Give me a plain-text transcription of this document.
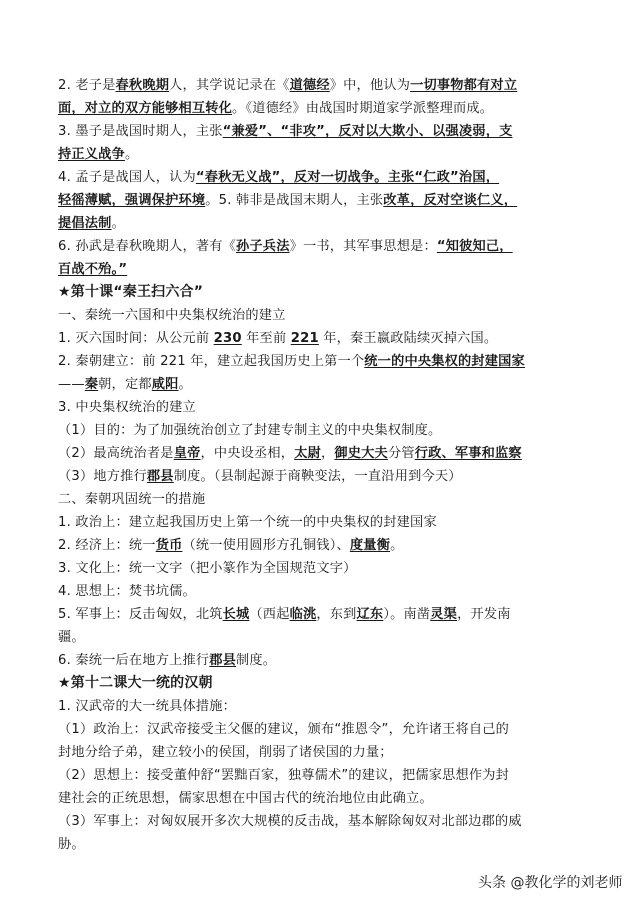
2. 老子是春秋晚期人，其学说记录在《道德经》中，他认为一切事物都有对立
面，对立的双方能够相互转化。《道德经》由战国时期道家学派整理而成。
3. 墨子是战国时期人，主张“兼爱”、“非攻”，反对以大欺小、以强凌弱，支
持正义战争。
4. 孟子是战国人，认为“春秋无义战”，反对一切战争。主张“仁政”治国，
轻徭薄赋，强调保护环境。5. 韩非是战国末期人，主张改革，反对空谈仁义，
提倡法制。
6. 孙武是春秋晚期人，著有《孙子兵法》一书，其军事思想是：“知彼知己，
百战不殆。”
★第十课“秦王扫六合”
一、秦统一六国和中央集权统治的建立
1. 灭六国时间：从公元前 230 年至前 221 年，秦王嬴政陆续灭掉六国。
2. 秦朝建立：前 221 年，建立起我国历史上第一个统一的中央集权的封建国家
——秦朝，定都咸阳。
3. 中央集权统治的建立
（1）目的：为了加强统治创立了封建专制主义的中央集权制度。
（2）最高统治者是皇帝，中央设丞相，太尉，御史大夫分管行政、军事和监察
（3）地方推行郡县制度。（县制起源于商鞅变法，一直沿用到今天）
二、秦朝巩固统一的措施
1. 政治上：建立起我国历史上第一个统一的中央集权的封建国家
2. 经济上：统一货币（统一使用圆形方孔铜钱）、度量衡。
3. 文化上：统一文字（把小篆作为全国规范文字）
4. 思想上：焚书坑儒。
5. 军事上：反击匈奴，北筑长城（西起临洮，东到辽东）。南凿灵渠，开发南
疆。
6. 秦统一后在地方上推行郡县制度。
★第十二课大一统的汉朝
1. 汉武帝的大一统具体措施：
（1）政治上：汉武帝接受主父偃的建议，颁布“推恩令”，允许诸王将自己的
封地分给子弟，建立较小的侯国，削弱了诸侯国的力量；
（2）思想上：接受董仲舒“罢黜百家，独尊儒术”的建议，把儒家思想作为封
建社会的正统思想，儒家思想在中国古代的统治地位由此确立。
（3）军事上：对匈奴展开多次大规模的反击战，基本解除匈奴对北部边郡的威
胁。
头条 @教化学的刘老师
